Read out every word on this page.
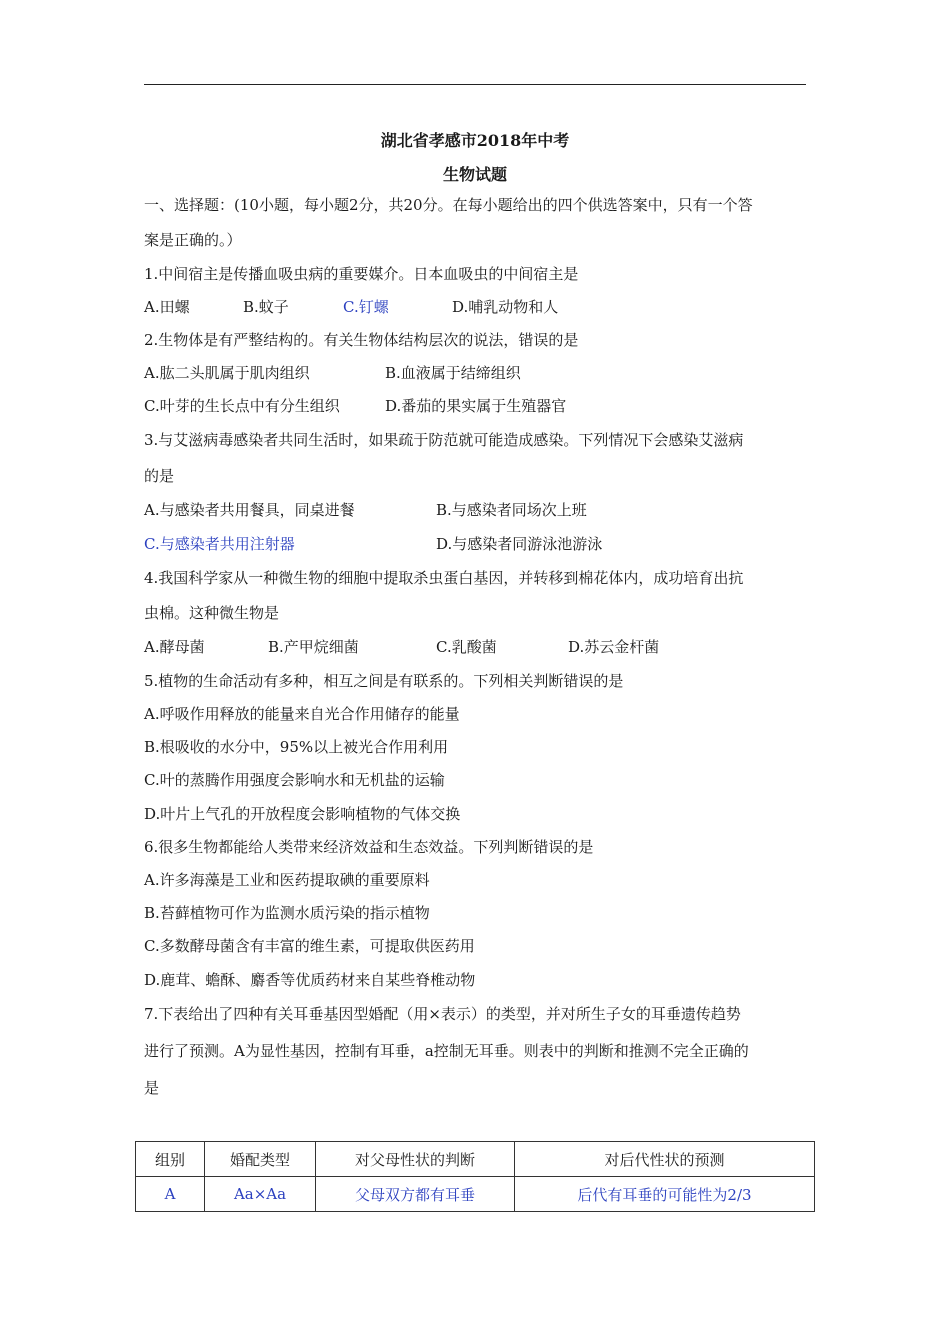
湖北省孝感市2018年中考
生物试题
一、选择题：(10小题，每小题2分，共20分。在每小题给出的四个供选答案中，只有一个答
案是正确的。）
1.中间宿主是传播血吸虫病的重要媒介。日本血吸虫的中间宿主是
A.田螺	B.蚊子	C.钉螺	D.哺乳动物和人
2.生物体是有严整结构的。有关生物体结构层次的说法，错误的是
A.肱二头肌属于肌肉组织	B.血液属于结缔组织
C.叶芽的生长点中有分生组织	D.番茄的果实属于生殖器官
3.与艾滋病毒感染者共同生活时，如果疏于防范就可能造成感染。下列情况下会感染艾滋病
的是
A.与感染者共用餐具，同桌进餐	B.与感染者同场次上班
C.与感染者共用注射器	D.与感染者同游泳池游泳
4.我国科学家从一种微生物的细胞中提取杀虫蛋白基因，并转移到棉花体内，成功培育出抗
虫棉。这种微生物是
A.酵母菌	B.产甲烷细菌	C.乳酸菌	D.苏云金杆菌
5.植物的生命活动有多种，相互之间是有联系的。下列相关判断错误的是
A.呼吸作用释放的能量来自光合作用储存的能量
B.根吸收的水分中，95%以上被光合作用利用
C.叶的蒸腾作用强度会影响水和无机盐的运输
D.叶片上气孔的开放程度会影响植物的气体交换
6.很多生物都能给人类带来经济效益和生态效益。下列判断错误的是
A.许多海藻是工业和医药提取碘的重要原料
B.苔藓植物可作为监测水质污染的指示植物
C.多数酵母菌含有丰富的维生素，可提取供医药用
D.鹿茸、蟾酥、麝香等优质药材来自某些脊椎动物
7.下表给出了四种有关耳垂基因型婚配（用×表示）的类型，并对所生子女的耳垂遗传趋势
进行了预测。A为显性基因，控制有耳垂，a控制无耳垂。则表中的判断和推测不完全正确的
是
组别	婚配类型	对父母性状的判断	对后代性状的预测
A	Aa×Aa	父母双方都有耳垂	后代有耳垂的可能性为2/3
